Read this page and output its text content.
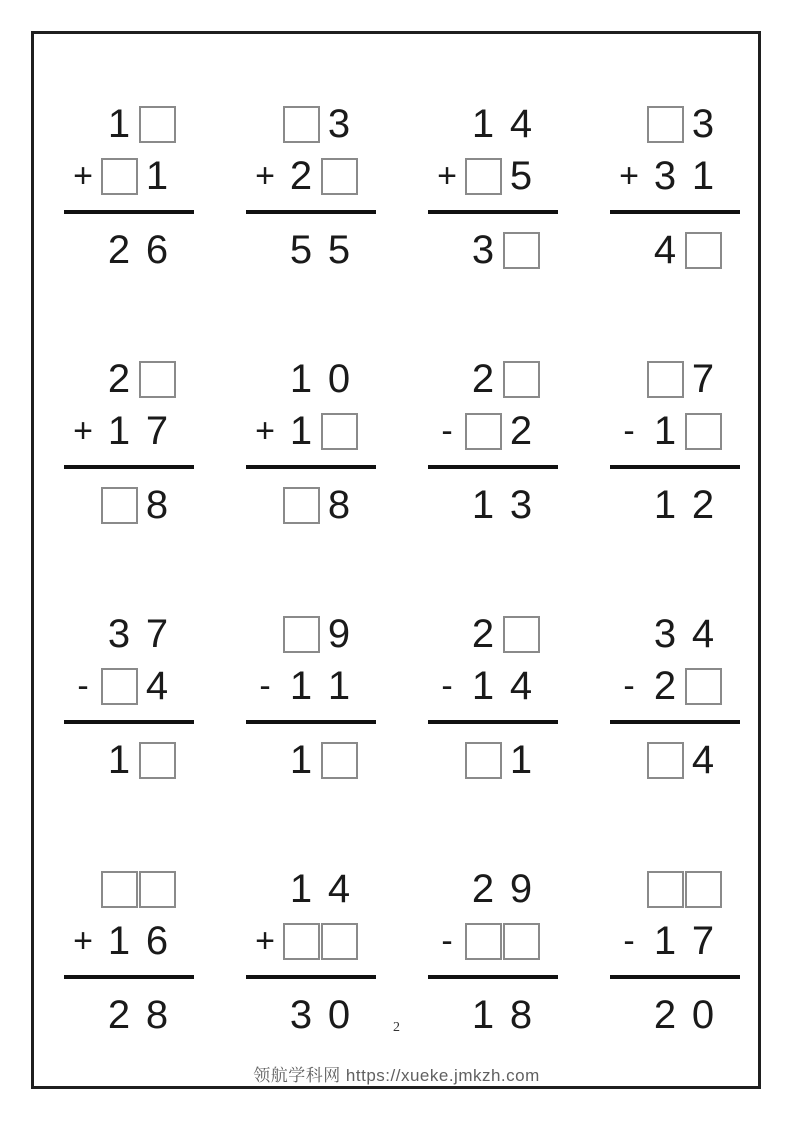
1
+ 1
2 6
3
+ 2
5 5
1 4
+ 5
3
3
+ 3 1
4
2
+ 1 7
8
1 0
+ 1
8
2
- 2
1 3
7
- 1
1 2
3 7
- 4
1
9
- 1 1
1
2
- 1 4
1
3 4
- 2
4
+ 1 6
2 8
1 4
+
3 0
2 9
-
1 8
- 1 7
2 0
2
领航学科网 https://xueke.jmkzh.com
